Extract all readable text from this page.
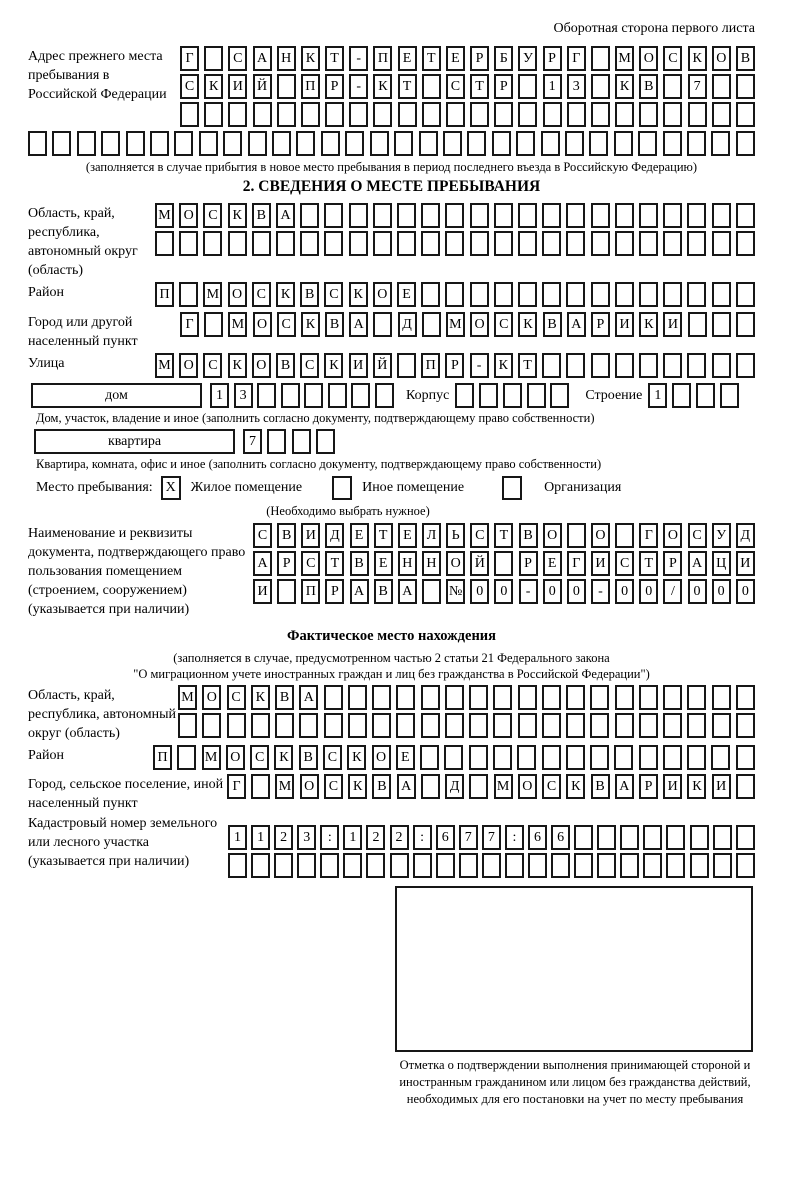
Оборотная сторона первого листа
Адрес прежнего места пребывания в Российской Федерации
Г	С	А	Н	К	Т	-	П	Е	Т	Е	Р	Б	У	Р	Г	М О	С	К	О	В
С	К	И	Й	П	Р	-	К	Т	С	Т	Р	1	3	К	В	7
(заполняется в случае прибытия в новое место пребывания в период последнего въезда в Российскую Федерацию)
2. СВЕДЕНИЯ О МЕСТЕ ПРЕБЫВАНИЯ
Область, край, республика, автономный округ (область)
М О	С	К	В	А
Район	П	М О	С	К	В	С	К	О	Е
Город или другой населенный пункт
Г	М О	С	К	В	А	Д	М О	С	К	В	А	Р	И	К	И
Улица	М О	С	К	О	В	С	К	И	Й	П	Р	-	К	Т
дом	1	3	Корпус	Строение 1
Дом, участок, владение и иное (заполнить согласно документу, подтверждающему право собственности)
квартира	7
Квартира, комната, офис и иное (заполнить согласно документу, подтверждающему право собственности)
Место пребывания: X	Жилое помещение	Иное помещение	Организация
(Необходимо выбрать нужное)
Наименование и реквизиты документа, подтверждающего право пользования помещением (строением, сооружением) (указывается при наличии)
С	В	И	Д	Е	Т	Е	Л	Ь	С	Т	В	О	О	Г	О	С	У	Д
А	Р	С	Т	В	Е	Н	Н	О	Й	Р	Е	Г	И	С	Т	Р	А	Ц	И
И	П	Р	А	В	А	№ 0	0	-	0	0	-	0	0	/	0	0	0
Фактическое место нахождения
(заполняется в случае, предусмотренном частью 2 статьи 21 Федерального закона
"О миграционном учете иностранных граждан и лиц без гражданства в Российской Федерации")
Область, край, республика, автономный округ (область)
М О	С	К	В	А
Район	П	М О	С	К	В	С	К	О	Е
Город, сельское поселение, иной населенный пункт
Г	М О	С	К	В	А	Д	М О	С	К	В	А	Р	И	К	И
Кадастровый номер земельного или лесного участка (указывается при наличии)
1	1	2	3	:	1	2	2	:	6	7	7	:	6	6
Отметка о подтверждении выполнения принимающей стороной и иностранным гражданином или лицом без гражданства действий, необходимых для его постановки на учет по месту пребывания
